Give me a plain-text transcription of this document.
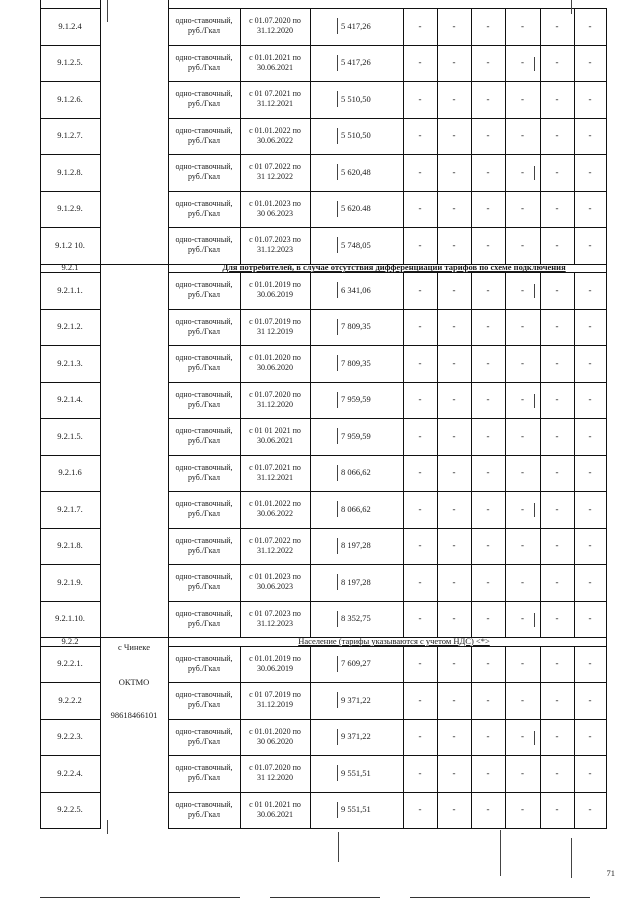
9.1.2.4	одно-ставочный,
руб./Гкал
с 01.07.2020 по
31.12.2020	5 417,26	-	-	-	-	-	-
9.1.2.5.	одно-ставочный,
руб./Гкал
с 01.01.2021 по
30.06.2021	5 417,26	-	-	-	-	-	-
9.1.2.6.	одно-ставочный,
руб./Гкал
с 01 07.2021 по
31.12.2021	5 510,50	-	-	-	-	-	-
9.1.2.7.	одно-ставочный,
руб./Гкал
с 01.01.2022 по
30.06.2022	5 510,50	-	-	-	-	-	-
9.1.2.8.	одно-ставочный,
руб./Гкал
с 01 07.2022 по
31 12.2022	5 620,48	-	-	-	-	-	-
9.1.2.9.	одно-ставочный,
руб./Гкал
с 01.01.2023 по
30 06.2023	5 620.48	-	-	-	-	-	-
9.1.2 10.	одно-ставочный,
руб./Гкал
с 01.07.2023 по
31.12.2023	5 748,05	-	-	-	-	-	-
9.2.1	Для потребителей, в случае отсутствия дифференциации тарифов по схеме подключения
9.2.1.1.	одно-ставочный,
руб./Гкал
с 01.01.2019 по
30.06.2019	6 341,06	-	-	-	-	-	-
9.2.1.2.	одно-ставочный,
руб./Гкал
с 01.07.2019 по
31 12.2019	7 809,35	-	-	-	-	-	-
9.2.1.3.	одно-ставочный,
руб./Гкал
с 01.01.2020 по
30.06.2020	7 809,35	-	-	-	-	-	-
9.2.1.4.	одно-ставочный,
руб./Гкал
с 01.07.2020 по
31.12.2020	7 959,59	-	-	-	-	-	-
9.2.1.5.	одно-ставочный,
руб./Гкал
с 01 01 2021 по
30.06.2021	7 959,59	-	-	-	-	-	-
9.2.1.6	одно-ставочный,
руб./Гкал
с 01.07.2021 по
31.12.2021	8 066,62	-	-	-	-	-	-
9.2.1.7.	одно-ставочный,
руб./Гкал
с 01.01.2022 по
30.06.2022	8 066,62	-	-	-	-	-	-
9.2.1.8.	одно-ставочный,
руб./Гкал
с 01.07.2022 по
31.12.2022	8 197,28	-	-	-	-	-	-
9.2.1.9.	одно-ставочный,
руб./Гкал
с 01 01.2023 по
30.06.2023	8 197,28	-	-	-	-	-	-
9.2.1.10.	одно-ставочный,
руб./Гкал
с 01 07.2023 по
31.12.2023	8 352,75	-	-	-	-	-	-
9.2.2	Население (тарифы указываются с учетом НДС) <*>
9.2.2.1.	одно-ставочный,
руб./Гкал
с 01.01.2019 по
30.06.2019	7 609,27	-	-	-	-	-	-
9.2.2.2	одно-ставочный,
руб./Гкал
с 01 07.2019 по
31.12.2019	9 371,22	-	-	-	-	-	-
9.2.2.3.	одно-ставочный,
руб./Гкал
с 01.01.2020 по
30 06.2020	9 371,22	-	-	-	-	-	-
9.2.2.4.	одно-ставочный,
руб./Гкал
с 01.07.2020 по
31 12.2020	9 551,51	-	-	-	-	-	-
9.2.2.5.	одно-ставочный,
руб./Гкал
с 01 01.2021 по
30.06.2021	9 551,51	-	-	-	-	-	-
с Чинеке
ОКТМО
98618466101
71
